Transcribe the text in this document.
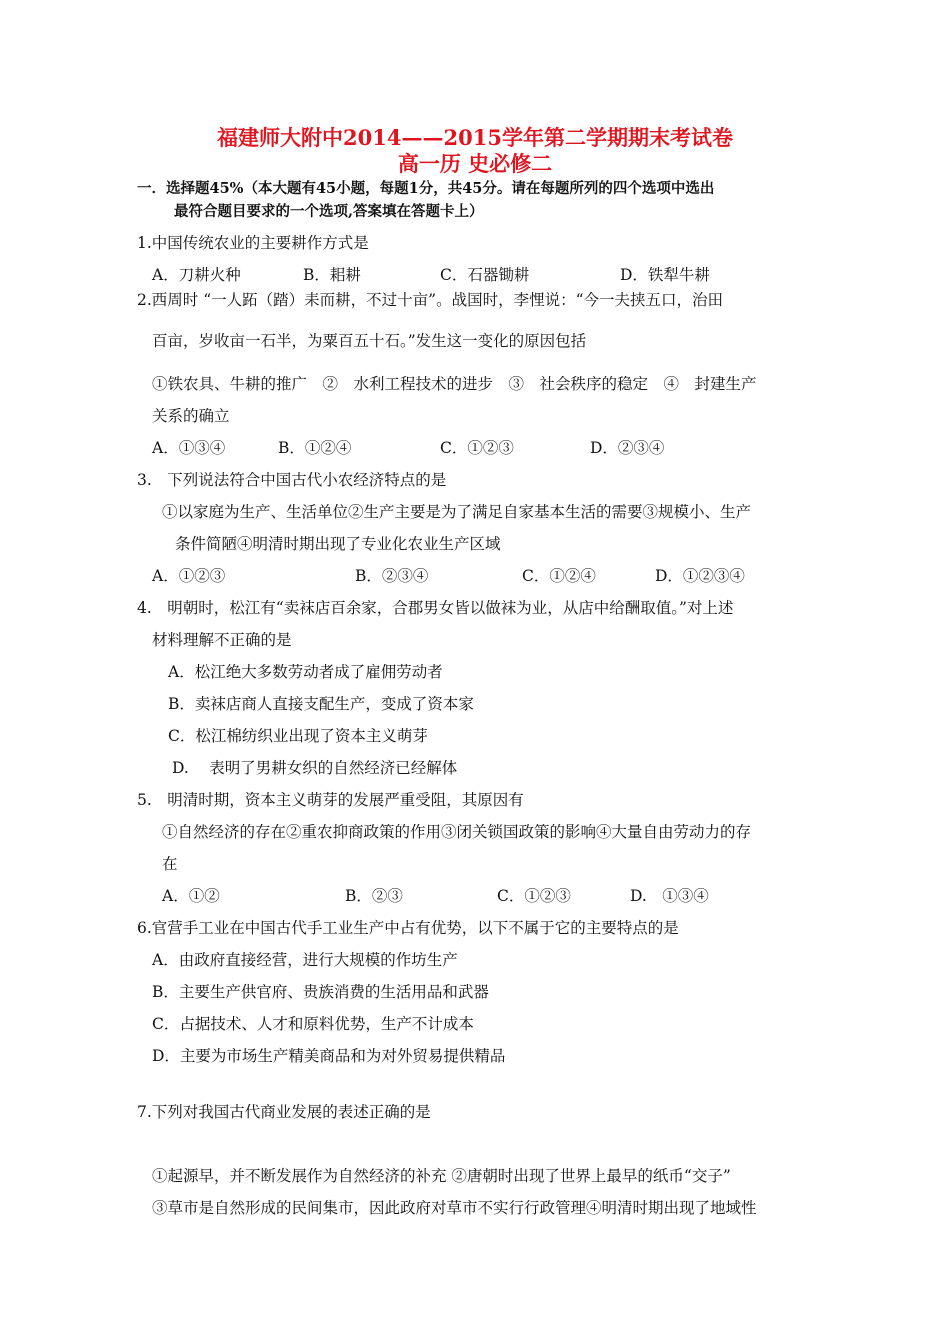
福建师大附中2014——2015学年第二学期期末考试卷
高一历 史必修二
一．选择题45%（本大题有45小题，每题1分，共45分。请在每题所列的四个选项中选出
最符合题目要求的一个选项,答案填在答题卡上）
1.中国传统农业的主要耕作方式是
A．刀耕火种	B．耜耕	C．石器锄耕	D．铁犁牛耕
2.西周时 “一人跖（踏）耒而耕，不过十亩”。战国时，李悝说：“今一夫挟五口，治田
百亩，岁收亩一石半，为粟百五十石。”发生这一变化的原因包括
①铁农具、牛耕的推广　②　水利工程技术的进步　③　社会秩序的稳定　④　封建生产
关系的确立
A．①③④	B．①②④	C．①②③	D．②③④
3.　下列说法符合中国古代小农经济特点的是
①以家庭为生产、生活单位②生产主要是为了满足自家基本生活的需要③规模小、生产
条件简陋④明清时期出现了专业化农业生产区域
A．①②③	B．②③④	C．①②④	D．①②③④
4.　明朝时，松江有“卖袜店百余家，合郡男女皆以做袜为业，从店中给酬取值。”对上述
材料理解不正确的是
A．松江绝大多数劳动者成了雇佣劳动者
B．卖袜店商人直接支配生产，变成了资本家
C．松江棉纺织业出现了资本主义萌芽
D.　 表明了男耕女织的自然经济已经解体
5.　明清时期，资本主义萌芽的发展严重受阻，其原因有
①自然经济的存在②重农抑商政策的作用③闭关锁国政策的影响④大量自由劳动力的存
在
A．①②	B．②③	C．①②③	D.　①③④
6.官营手工业在中国古代手工业生产中占有优势，以下不属于它的主要特点的是
A．由政府直接经营，进行大规模的作坊生产
B．主要生产供官府、贵族消费的生活用品和武器
C．占据技术、人才和原料优势，生产不计成本
D．主要为市场生产精美商品和为对外贸易提供精品
7.下列对我国古代商业发展的表述正确的是
①起源早，并不断发展作为自然经济的补充 ②唐朝时出现了世界上最早的纸币“交子”
③草市是自然形成的民间集市，因此政府对草市不实行行政管理④明清时期出现了地域性
